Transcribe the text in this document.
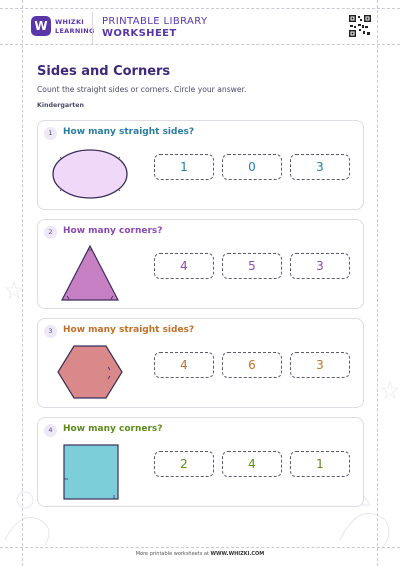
W	WHIZKI
LEARNING
PRINTABLE LIBRARY
WORKSHEET
Sides and Corners
Count the straight sides or corners. Circle your answer.
Kindergarten
1	How many straight sides?
1	0	3
2	How many corners?
4	5	3
3	How many straight sides?
4	6	3
4	How many corners?
2	4	1
More printable worksheets at WWW.WHIZKI.COM
